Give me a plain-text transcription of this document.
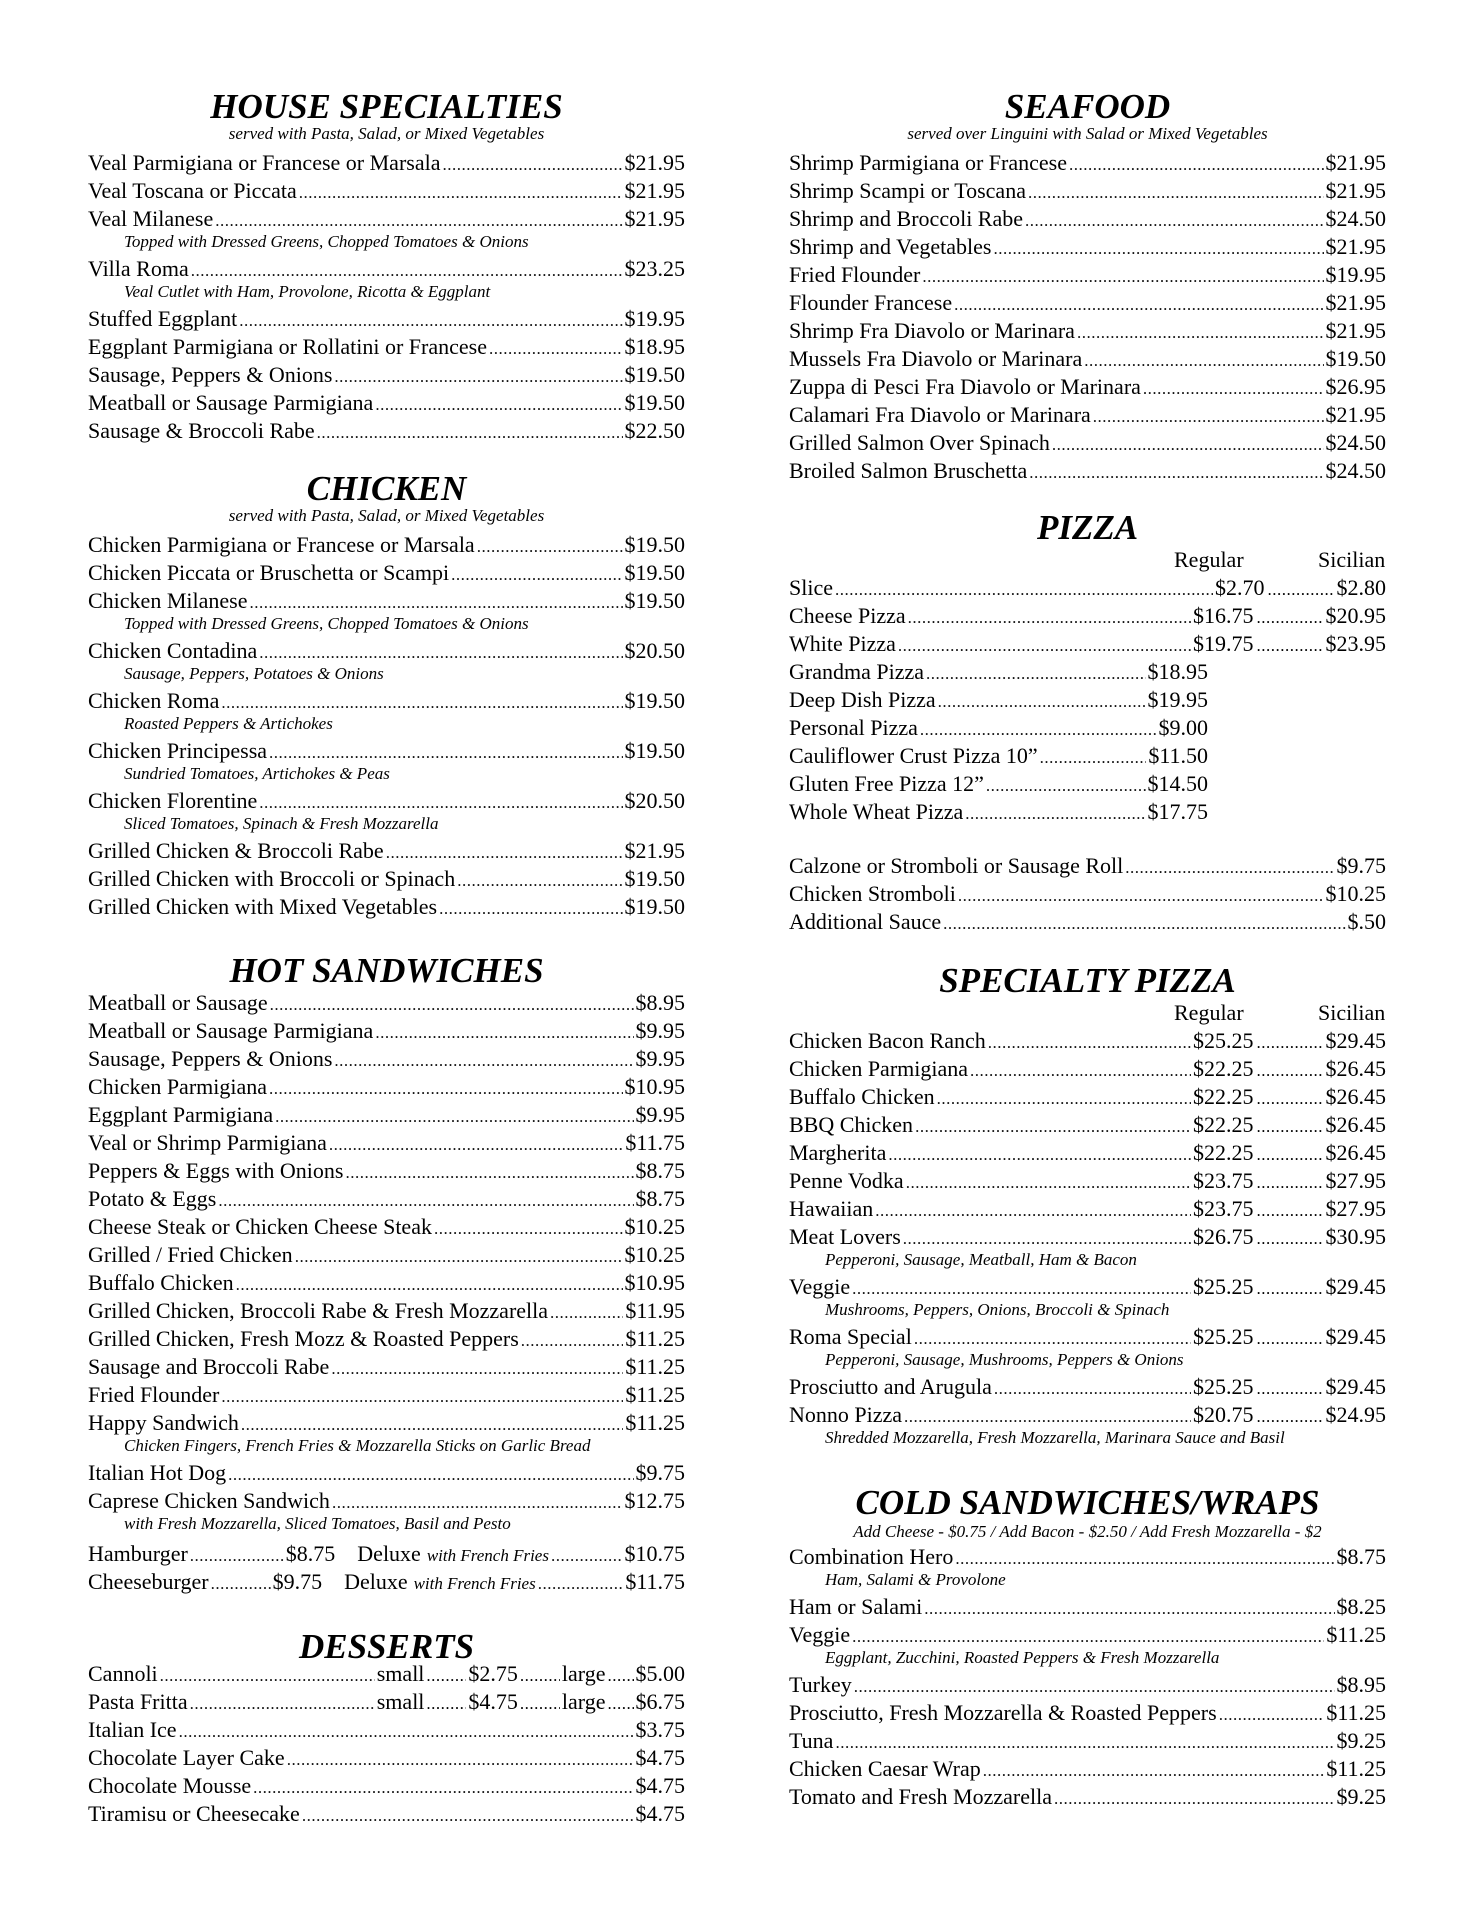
HOUSE SPECIALTIES
served with Pasta, Salad, or Mixed Vegetables
Veal Parmigiana or Francese or Marsala .....	$21.95
Veal Toscana or Piccata .....	$21.95
Veal Milanese .....	$21.95
Topped with Dressed Greens, Chopped Tomatoes & Onions
Villa Roma .....	$23.25
Veal Cutlet with Ham, Provolone, Ricotta & Eggplant
Stuffed Eggplant .....	$19.95
Eggplant Parmigiana or Rollatini or Francese .....	$18.95
Sausage, Peppers & Onions .....	$19.50
Meatball or Sausage Parmigiana .....	$19.50
Sausage & Broccoli Rabe .....	$22.50
CHICKEN
served with Pasta, Salad, or Mixed Vegetables
Chicken Parmigiana or Francese or Marsala .....	$19.50
Chicken Piccata or Bruschetta or Scampi .....	$19.50
Chicken Milanese .....	$19.50
Topped with Dressed Greens, Chopped Tomatoes & Onions
Chicken Contadina .....	$20.50
Sausage, Peppers, Potatoes & Onions
Chicken Roma .....	$19.50
Roasted Peppers & Artichokes
Chicken Principessa .....	$19.50
Sundried Tomatoes, Artichokes & Peas
Chicken Florentine .....	$20.50
Sliced Tomatoes, Spinach & Fresh Mozzarella
Grilled Chicken & Broccoli Rabe .....	$21.95
Grilled Chicken with Broccoli or Spinach .....	$19.50
Grilled Chicken with Mixed Vegetables .....	$19.50
HOT SANDWICHES
Meatball or Sausage .....	$8.95
Meatball or Sausage Parmigiana .....	$9.95
Sausage, Peppers & Onions .....	$9.95
Chicken Parmigiana .....	$10.95
Eggplant Parmigiana .....	$9.95
Veal or Shrimp Parmigiana .....	$11.75
Peppers & Eggs with Onions .....	$8.75
Potato & Eggs .....	$8.75
Cheese Steak or Chicken Cheese Steak .....	$10.25
Grilled / Fried Chicken .....	$10.25
Buffalo Chicken .....	$10.95
Grilled Chicken, Broccoli Rabe & Fresh Mozzarella .....	$11.95
Grilled Chicken, Fresh Mozz & Roasted Peppers .....	$11.25
Sausage and Broccoli Rabe .....	$11.25
Fried Flounder .....	$11.25
Happy Sandwich .....	$11.25
Chicken Fingers, French Fries & Mozzarella Sticks on Garlic Bread
Italian Hot Dog .....	$9.75
Caprese Chicken Sandwich .....	$12.75
with Fresh Mozzarella, Sliced Tomatoes, Basil and Pesto
Hamburger .....	$8.75 Deluxe with French Fries .....	$10.75
Cheeseburger .....	$9.75 Deluxe with French Fries .....	$11.75
DESSERTS
Cannoli .....	small ..... $2.75 ..... large ..... $5.00
Pasta Fritta .....	small ..... $4.75 ..... large ..... $6.75
Italian Ice .....	$3.75
Chocolate Layer Cake .....	$4.75
Chocolate Mousse .....	$4.75
Tiramisu or Cheesecake .....	$4.75
SEAFOOD
served over Linguini with Salad or Mixed Vegetables
Shrimp Parmigiana or Francese .....	$21.95
Shrimp Scampi or Toscana .....	$21.95
Shrimp and Broccoli Rabe .....	$24.50
Shrimp and Vegetables .....	$21.95
Fried Flounder .....	$19.95
Flounder Francese .....	$21.95
Shrimp Fra Diavolo or Marinara .....	$21.95
Mussels Fra Diavolo or Marinara .....	$19.50
Zuppa di Pesci Fra Diavolo or Marinara .....	$26.95
Calamari Fra Diavolo or Marinara .....	$21.95
Grilled Salmon Over Spinach .....	$24.50
Broiled Salmon Bruschetta .....	$24.50
PIZZA
Regular	Sicilian
Slice .....	$2.70 .....	$2.80
Cheese Pizza .....	$16.75 .....	$20.95
White Pizza .....	$19.75 .....	$23.95
Grandma Pizza .....	$18.95
Deep Dish Pizza .....	$19.95
Personal Pizza .....	$9.00
Cauliflower Crust Pizza 10” .....	$11.50
Gluten Free Pizza 12” .....	$14.50
Whole Wheat Pizza .....	$17.75
Calzone or Stromboli or Sausage Roll .....	$9.75
Chicken Stromboli .....	$10.25
Additional Sauce .....	$.50
SPECIALTY PIZZA
Regular	Sicilian
Chicken Bacon Ranch .....	$25.25 .....	$29.45
Chicken Parmigiana .....	$22.25 .....	$26.45
Buffalo Chicken .....	$22.25 .....	$26.45
BBQ Chicken .....	$22.25 .....	$26.45
Margherita .....	$22.25 .....	$26.45
Penne Vodka .....	$23.75 .....	$27.95
Hawaiian .....	$23.75 .....	$27.95
Meat Lovers .....	$26.75 .....	$30.95
Pepperoni, Sausage, Meatball, Ham & Bacon
Veggie .....	$25.25 .....	$29.45
Mushrooms, Peppers, Onions, Broccoli & Spinach
Roma Special .....	$25.25 .....	$29.45
Pepperoni, Sausage, Mushrooms, Peppers & Onions
Prosciutto and Arugula .....	$25.25 .....	$29.45
Nonno Pizza .....	$20.75 .....	$24.95
Shredded Mozzarella, Fresh Mozzarella, Marinara Sauce and Basil
COLD SANDWICHES/WRAPS
Add Cheese - $0.75 / Add Bacon - $2.50 / Add Fresh Mozzarella - $2
Combination Hero .....	$8.75
Ham, Salami & Provolone
Ham or Salami .....	$8.25
Veggie .....	$11.25
Eggplant, Zucchini, Roasted Peppers & Fresh Mozzarella
Turkey .....	$8.95
Prosciutto, Fresh Mozzarella & Roasted Peppers .....	$11.25
Tuna .....	$9.25
Chicken Caesar Wrap .....	$11.25
Tomato and Fresh Mozzarella .....	$9.25
